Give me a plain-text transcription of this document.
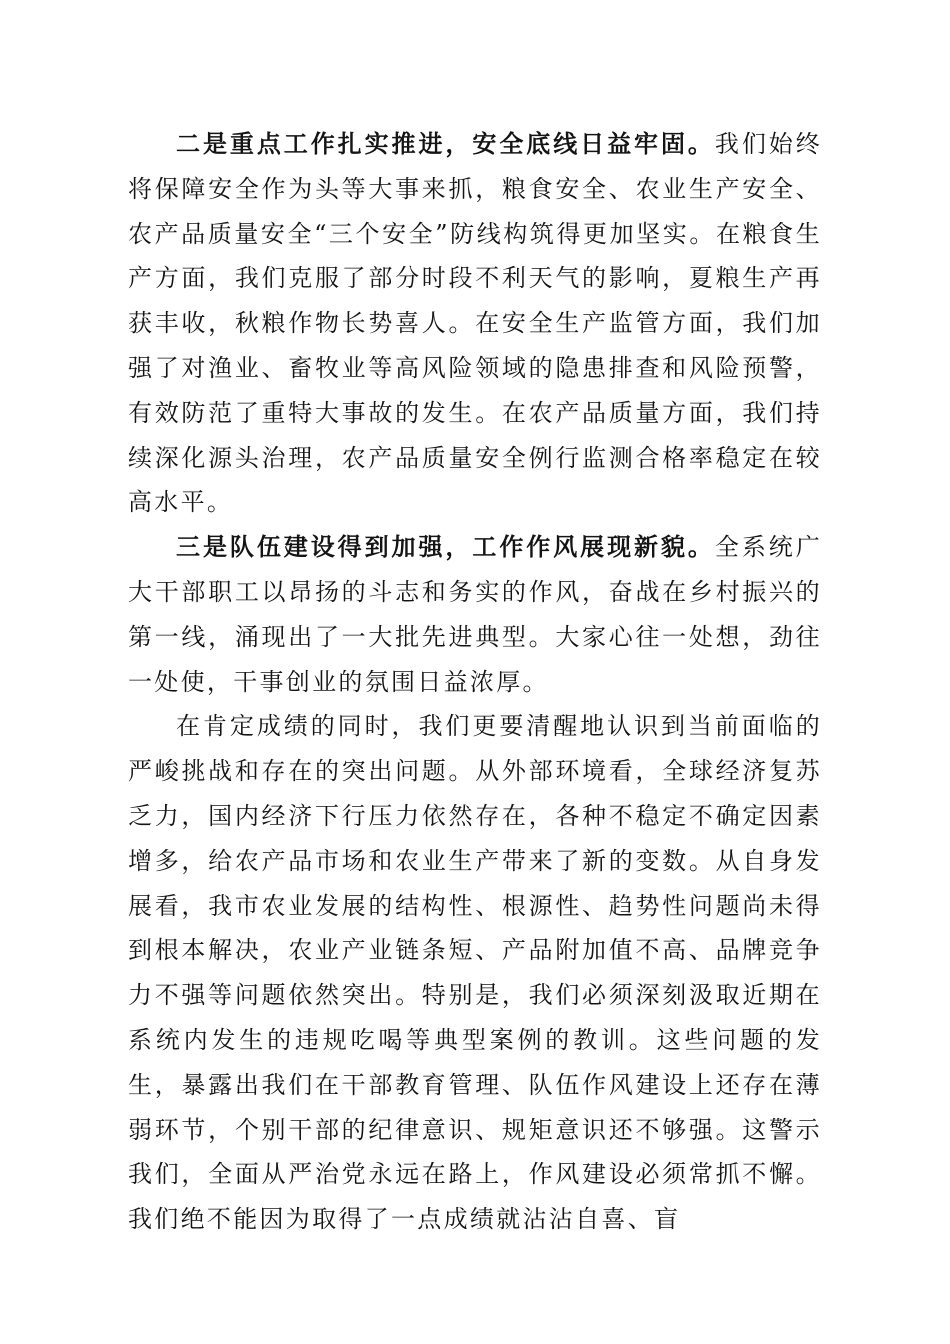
二是重点工作扎实推进，安全底线日益牢固。我们始终将保障安全作为头等大事来抓，粮食安全、农业生产安全、农产品质量安全“三个安全”防线构筑得更加坚实。在粮食生产方面，我们克服了部分时段不利天气的影响，夏粮生产再获丰收，秋粮作物长势喜人。在安全生产监管方面，我们加强了对渔业、畜牧业等高风险领域的隐患排查和风险预警，有效防范了重特大事故的发生。在农产品质量方面，我们持续深化源头治理，农产品质量安全例行监测合格率稳定在较高水平。

三是队伍建设得到加强，工作作风展现新貌。全系统广大干部职工以昂扬的斗志和务实的作风，奋战在乡村振兴的第一线，涌现出了一大批先进典型。大家心往一处想，劲往一处使，干事创业的氛围日益浓厚。

在肯定成绩的同时，我们更要清醒地认识到当前面临的严峻挑战和存在的突出问题。从外部环境看，全球经济复苏乏力，国内经济下行压力依然存在，各种不稳定不确定因素增多，给农产品市场和农业生产带来了新的变数。从自身发展看，我市农业发展的结构性、根源性、趋势性问题尚未得到根本解决，农业产业链条短、产品附加值不高、品牌竞争力不强等问题依然突出。特别是，我们必须深刻汲取近期在系统内发生的违规吃喝等典型案例的教训。这些问题的发生，暴露出我们在干部教育管理、队伍作风建设上还存在薄弱环节，个别干部的纪律意识、规矩意识还不够强。这警示我们，全面从严治党永远在路上，作风建设必须常抓不懈。我们绝不能因为取得了一点成绩就沾沾自喜、盲
